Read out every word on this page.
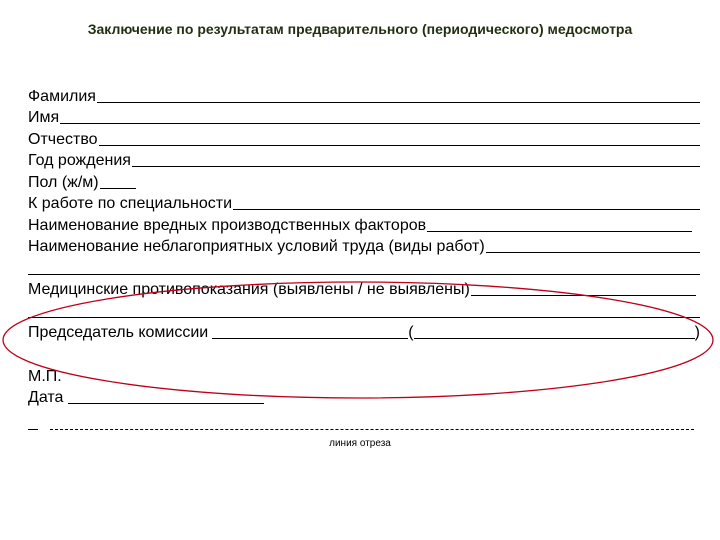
Заключение по результатам предварительного (периодического) медосмотра
Фамилия
Имя
Отчество
Год рождения
Пол (ж/м)
К работе по специальности
Наименование вредных производственных факторов
Наименование неблагоприятных условий труда (виды работ)
Медицинские противопоказания (выявлены / не выявлены)
Председатель комиссии	(	)
М.П.
Дата
линия отреза
